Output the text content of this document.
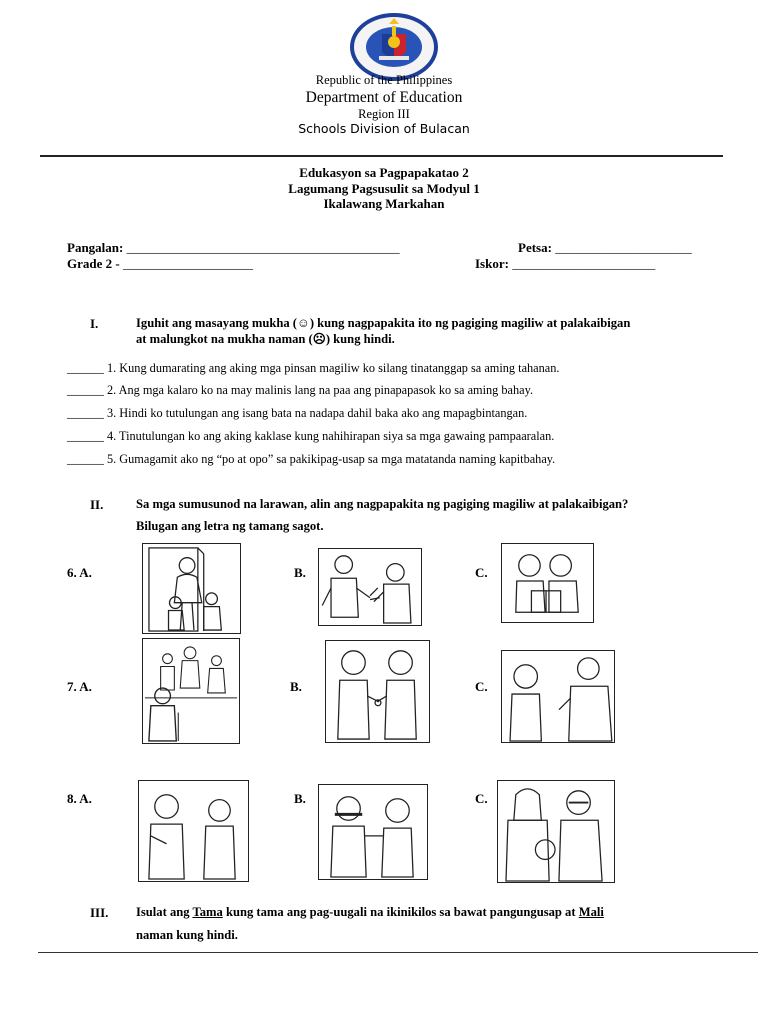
Republic of the Philippines
Department of Education
Region III
Schools Division of Bulacan
Edukasyon sa Pagpapakatao 2
Lagumang Pagsusulit sa Modyul 1
Ikalawang Markahan
Pangalan: __________________________________________	Petsa: _____________________
Grade 2 - ____________________	Iskor: ______________________
I.	Iguhit ang masayang mukha (☺) kung nagpapakita ito ng pagiging magiliw at palakaibigan
at malungkot na mukha naman (☹) kung hindi.
______ 1. Kung dumarating ang aking mga pinsan magiliw ko silang tinatanggap sa aming tahanan.
______ 2. Ang mga kalaro ko na may malinis lang na paa ang pinapapasok ko sa aming bahay.
______ 3. Hindi ko tutulungan ang isang bata na nadapa dahil baka ako ang mapagbintangan.
______ 4. Tinutulungan ko ang aking kaklase kung nahihirapan siya sa mga gawaing pampaaralan.
______ 5. Gumagamit ako ng “po at opo” sa pakikipag-usap sa mga matatanda naming kapitbahay.
II.	Sa mga sumusunod na larawan, alin ang nagpapakita ng pagiging magiliw at palakaibigan?
Bilugan ang letra ng tamang sagot.
6. A.	B.	C.
7. A.	B.	C.
8. A.	B.	C.
III. Isulat ang Tama kung tama ang pag-uugali na ikinikilos sa bawat pangungusap at Mali
naman kung hindi.
